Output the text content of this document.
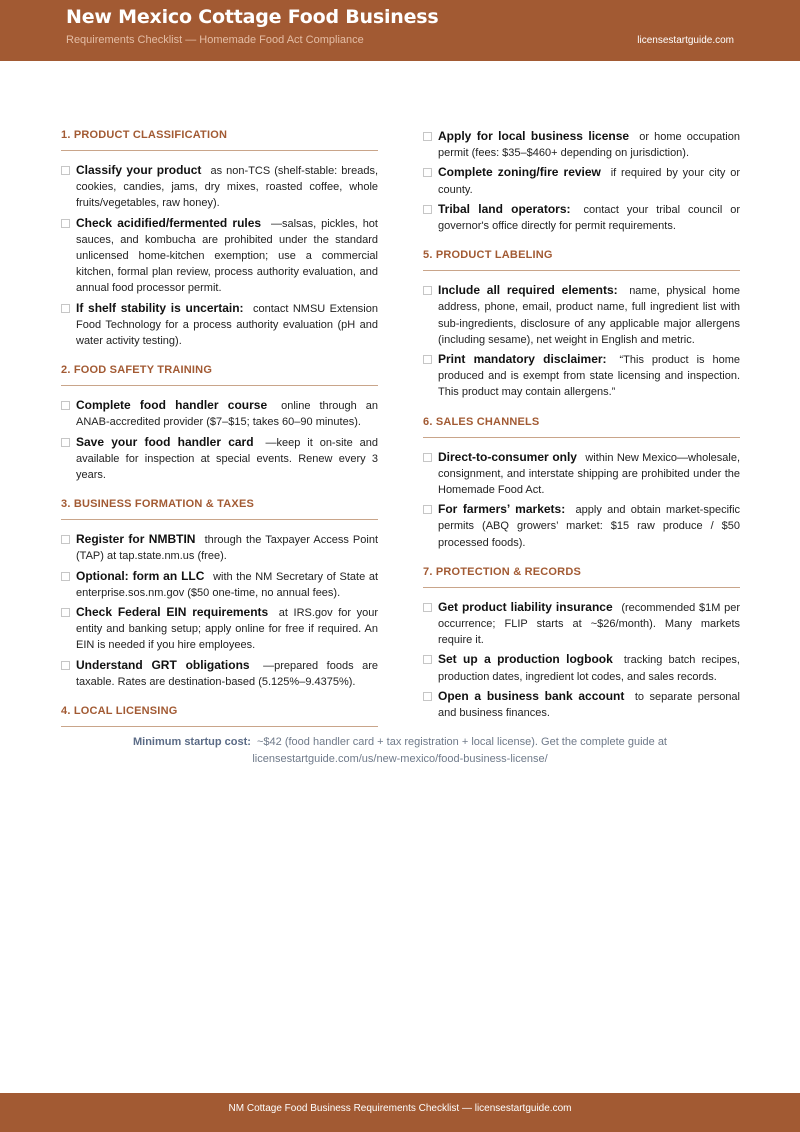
New Mexico Cottage Food Business
Requirements Checklist — Homemade Food Act Compliance	licensestartguide.com
1. PRODUCT CLASSIFICATION
Classify your product as non-TCS (shelf-stable: breads, cookies, candies, jams, dry mixes, roasted coffee, whole fruits/vegetables, raw honey).
Check acidified/fermented rules —salsas, pickles, hot sauces, and kombucha are prohibited under the standard unlicensed home-kitchen exemption; use a commercial kitchen, formal plan review, process authority evaluation, and annual food processor permit.
If shelf stability is uncertain: contact NMSU Extension Food Technology for a process authority evaluation (pH and water activity testing).
2. FOOD SAFETY TRAINING
Complete food handler course online through an ANAB-accredited provider ($7–$15; takes 60–90 minutes).
Save your food handler card —keep it on-site and available for inspection at special events. Renew every 3 years.
3. BUSINESS FORMATION & TAXES
Register for NMBTIN through the Taxpayer Access Point (TAP) at tap.state.nm.us (free).
Optional: form an LLC with the NM Secretary of State at enterprise.sos.nm.gov ($50 one-time, no annual fees).
Check Federal EIN requirements at IRS.gov for your entity and banking setup; apply online for free if required. An EIN is needed if you hire employees.
Understand GRT obligations —prepared foods are taxable. Rates are destination-based (5.125%–9.4375%).
4. LOCAL LICENSING
Apply for local business license or home occupation permit (fees: $35–$460+ depending on jurisdiction).
Complete zoning/fire review if required by your city or county.
Tribal land operators: contact your tribal council or governor's office directly for permit requirements.
5. PRODUCT LABELING
Include all required elements: name, physical home address, phone, email, product name, full ingredient list with sub-ingredients, disclosure of any applicable major allergens (including sesame), net weight in English and metric.
Print mandatory disclaimer: “This product is home produced and is exempt from state licensing and inspection. This product may contain allergens.”
6. SALES CHANNELS
Direct-to-consumer only within New Mexico—wholesale, consignment, and interstate shipping are prohibited under the Homemade Food Act.
For farmers’ markets: apply and obtain market-specific permits (ABQ growers’ market: $15 raw produce / $50 processed foods).
7. PROTECTION & RECORDS
Get product liability insurance (recommended $1M per occurrence; FLIP starts at ~$26/month). Many markets require it.
Set up a production logbook tracking batch recipes, production dates, ingredient lot codes, and sales records.
Open a business bank account to separate personal and business finances.
Minimum startup cost: ~$42 (food handler card + tax registration + local license). Get the complete guide at licensestartguide.com/us/new-mexico/food-business-license/
NM Cottage Food Business Requirements Checklist — licensestartguide.com
